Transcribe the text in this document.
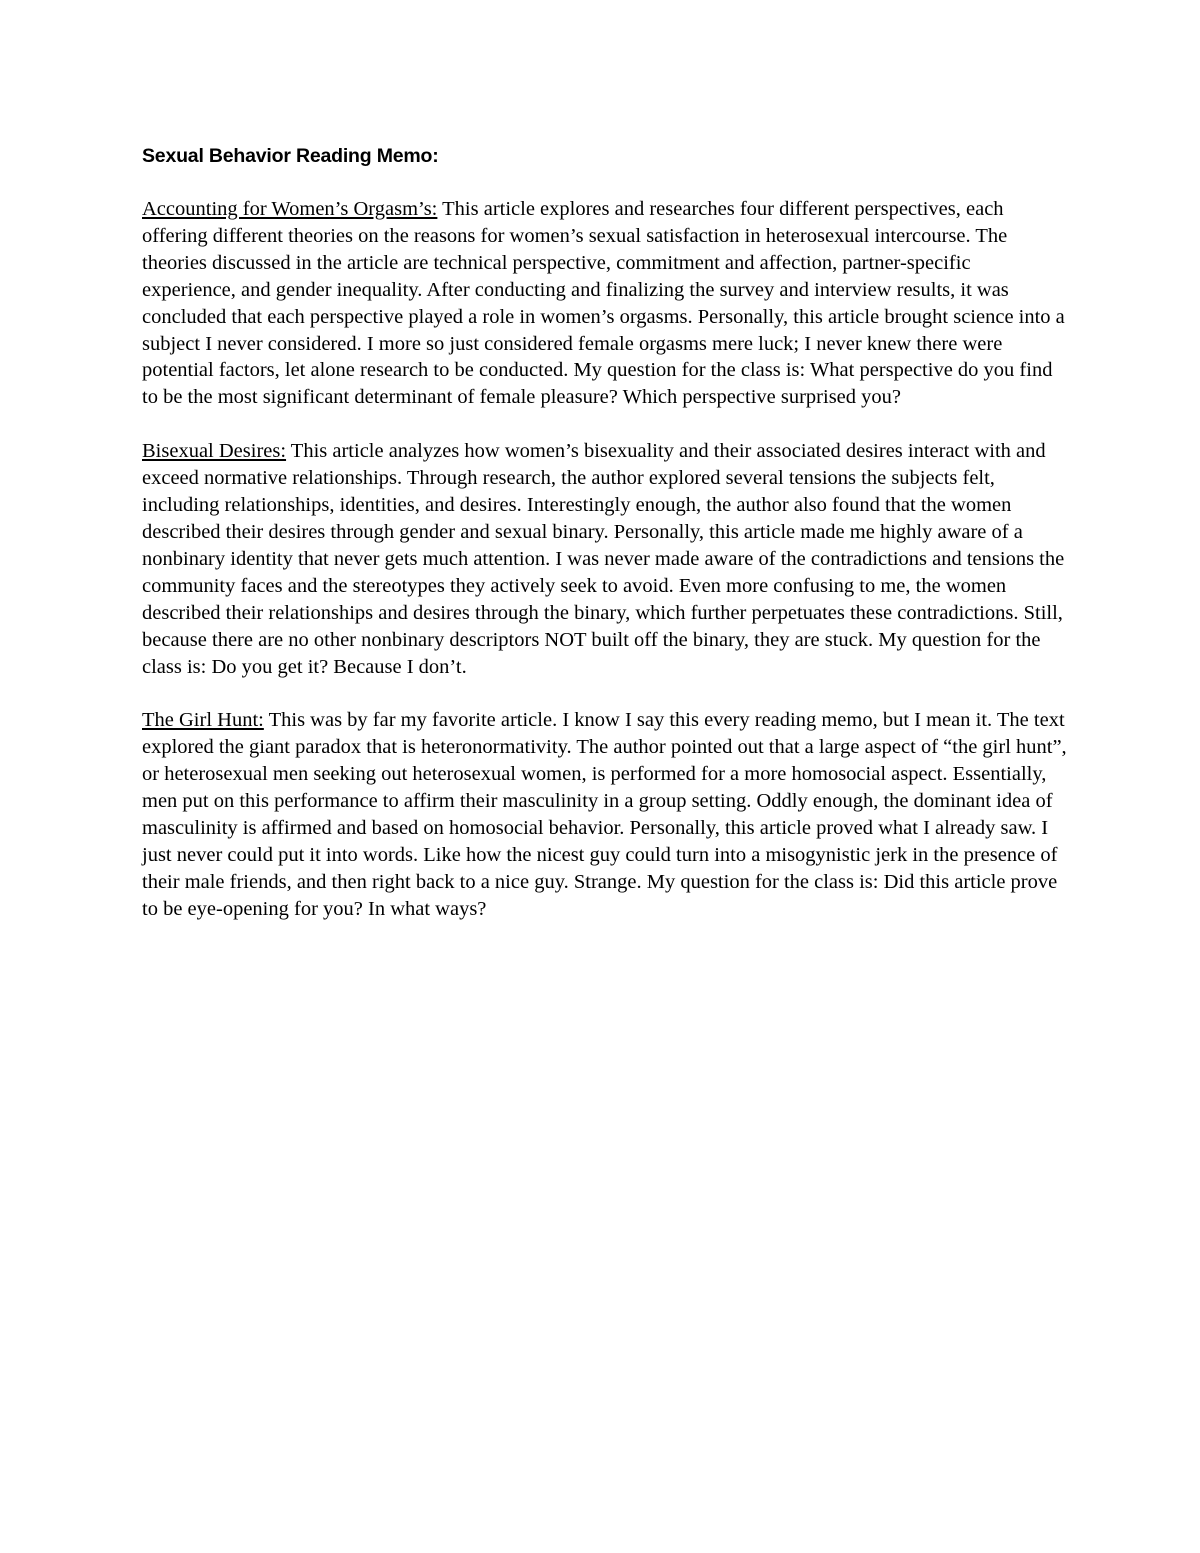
Sexual Behavior Reading Memo:

Accounting for Women’s Orgasm’s: This article explores and researches four different perspectives, each offering different theories on the reasons for women’s sexual satisfaction in heterosexual intercourse. The theories discussed in the article are technical perspective, commitment and affection, partner-specific experience, and gender inequality. After conducting and finalizing the survey and interview results, it was concluded that each perspective played a role in women’s orgasms. Personally, this article brought science into a subject I never considered. I more so just considered female orgasms mere luck; I never knew there were potential factors, let alone research to be conducted. My question for the class is: What perspective do you find to be the most significant determinant of female pleasure? Which perspective surprised you?

Bisexual Desires: This article analyzes how women’s bisexuality and their associated desires interact with and exceed normative relationships. Through research, the author explored several tensions the subjects felt, including relationships, identities, and desires. Interestingly enough, the author also found that the women described their desires through gender and sexual binary. Personally, this article made me highly aware of a nonbinary identity that never gets much attention. I was never made aware of the contradictions and tensions the community faces and the stereotypes they actively seek to avoid. Even more confusing to me, the women described their relationships and desires through the binary, which further perpetuates these contradictions. Still, because there are no other nonbinary descriptors NOT built off the binary, they are stuck. My question for the class is: Do you get it? Because I don’t.

The Girl Hunt: This was by far my favorite article. I know I say this every reading memo, but I mean it. The text explored the giant paradox that is heteronormativity. The author pointed out that a large aspect of “the girl hunt”, or heterosexual men seeking out heterosexual women, is performed for a more homosocial aspect. Essentially, men put on this performance to affirm their masculinity in a group setting. Oddly enough, the dominant idea of masculinity is affirmed and based on homosocial behavior. Personally, this article proved what I already saw. I just never could put it into words. Like how the nicest guy could turn into a misogynistic jerk in the presence of their male friends, and then right back to a nice guy. Strange. My question for the class is: Did this article prove to be eye-opening for you? In what ways?
